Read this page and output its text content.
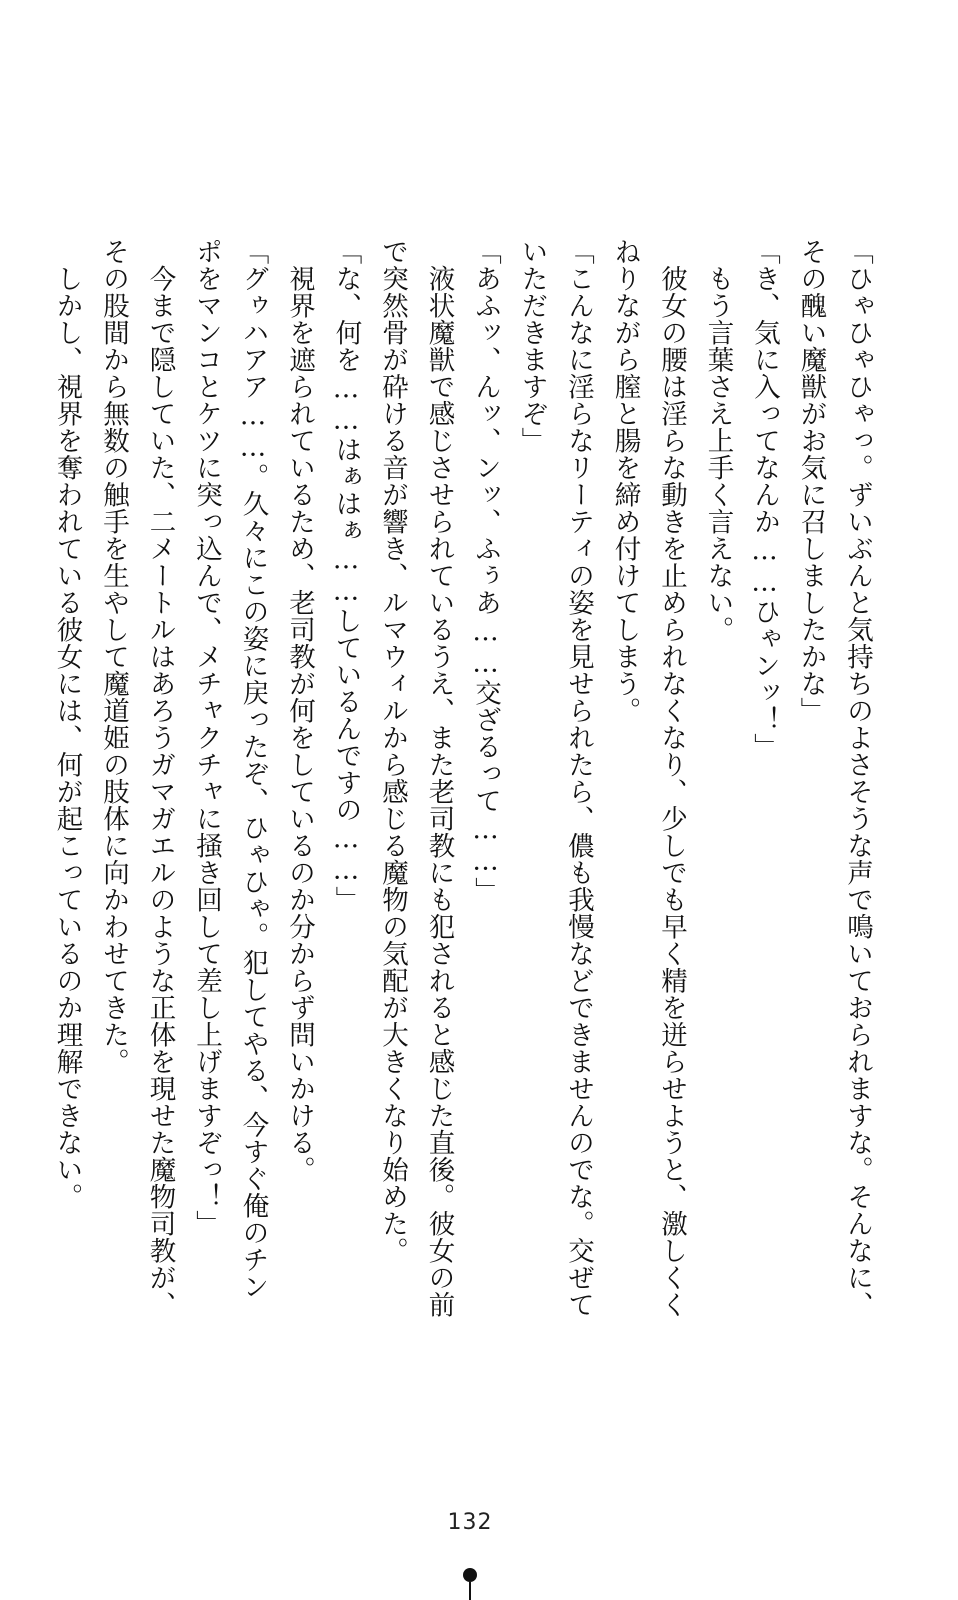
「ひゃひゃひゃっ。ずいぶんと気持ちのよさそうな声で鳴いておられますな。そんなに、
その醜い魔獣がお気に召しましたかな」
「き、気に入ってなんか……ひゃンッ！」
　もう言葉さえ上手く言えない。
　彼女の腰は淫らな動きを止められなくなり、少しでも早く精を迸らせようと、激しくく
ねりながら膣と腸を締め付けてしまう。
「こんなに淫らなリーティの姿を見せられたら、儂も我慢などできませんのでな。交ぜて
いただきますぞ」
「あふッ、んッ、ンッ、ふぅあ……交ざるって……」
　液状魔獣で感じさせられているうえ、また老司教にも犯されると感じた直後。彼女の前
で突然骨が砕ける音が響き、ルマウィルから感じる魔物の気配が大きくなり始めた。
「な、何を……はぁはぁ……しているんですの……」
　視界を遮られているため、老司教が何をしているのか分からず問いかける。
「グゥハアア……。久々にこの姿に戻ったぞ、ひゃひゃ。犯してやる、今すぐ俺のチン
ポをマンコとケツに突っ込んで、メチャクチャに掻き回して差し上げますぞっ！」
　今まで隠していた、二メートルはあろうガマガエルのような正体を現せた魔物司教が、
その股間から無数の触手を生やして魔道姫の肢体に向かわせてきた。
　しかし、視界を奪われている彼女には、何が起こっているのか理解できない。
132
